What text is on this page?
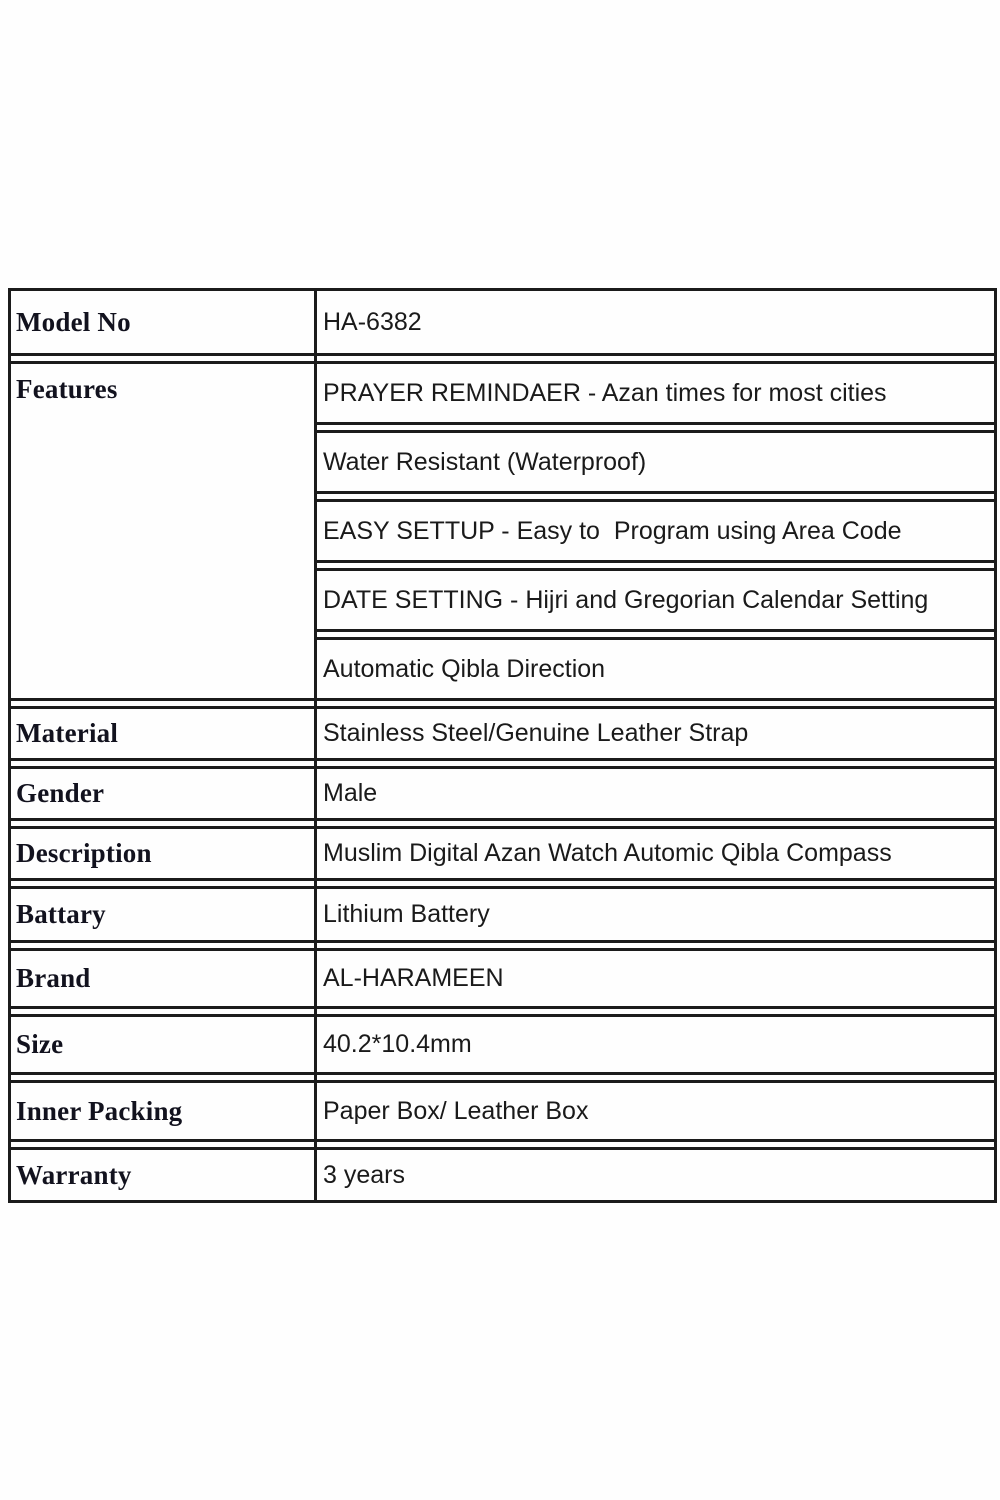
Model No	HA-6382
Features	PRAYER REMINDAER - Azan times for most cities
Water Resistant (Waterproof)
EASY SETTUP - Easy to  Program using Area Code
DATE SETTING - Hijri and Gregorian Calendar Setting
Automatic Qibla Direction
Material	Stainless Steel/Genuine Leather Strap
Gender	Male
Description	Muslim Digital Azan Watch Automic Qibla Compass
Battary	Lithium Battery
Brand	AL-HARAMEEN
Size	40.2*10.4mm
Inner Packing	Paper Box/ Leather Box
Warranty	3 years
